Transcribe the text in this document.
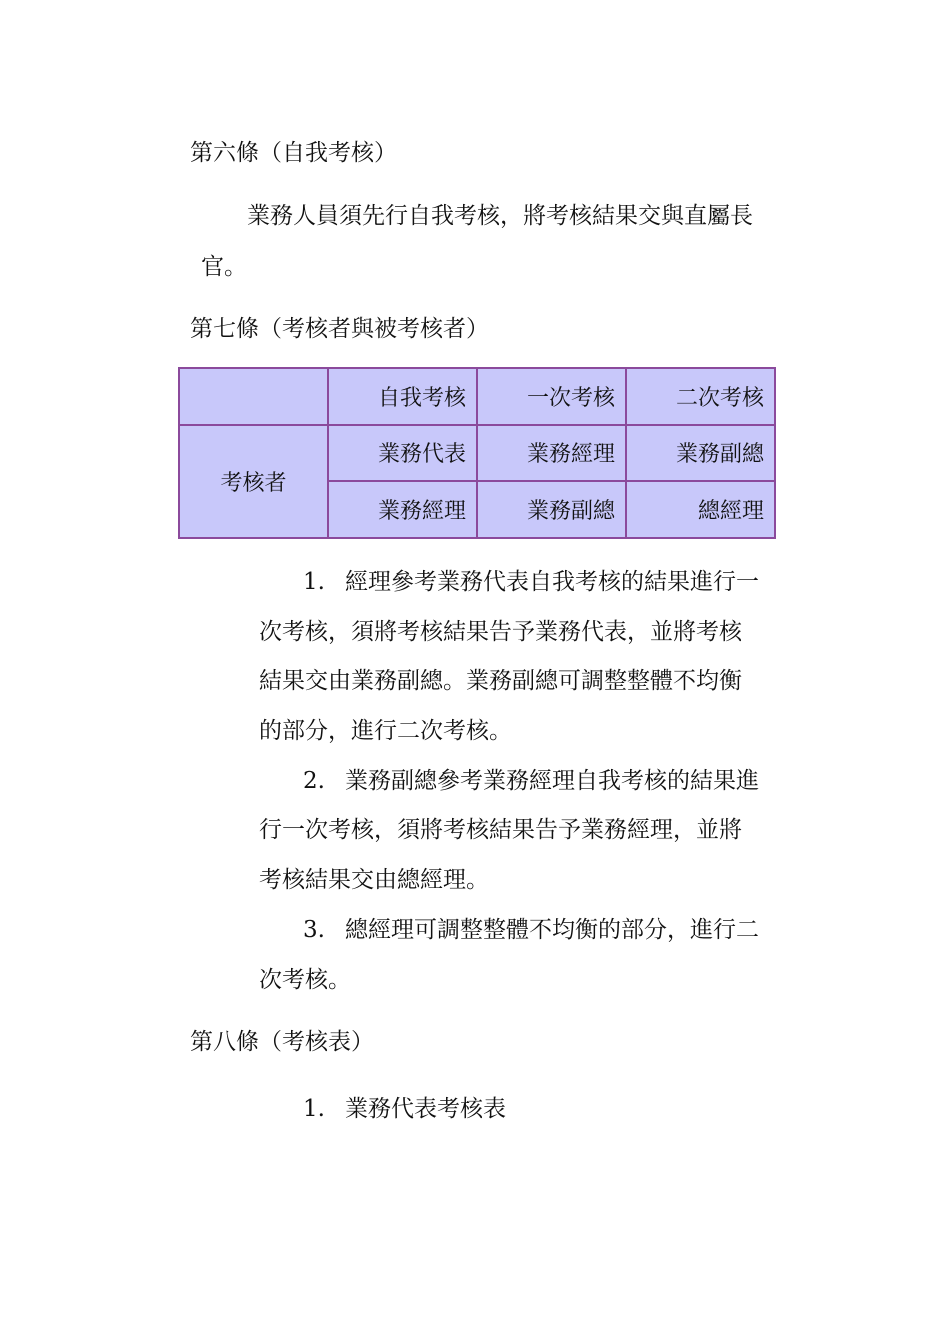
第六條（自我考核）
業務人員須先行自我考核，將考核結果交與直屬長
官。
第七條（考核者與被考核者）
	自我考核	一次考核	二次考核
考核者	業務代表	業務經理	業務副總
	業務經理	業務副總	總經理
1. 經理參考業務代表自我考核的結果進行一
次考核，須將考核結果告予業務代表，並將考核
結果交由業務副總。業務副總可調整整體不均衡
的部分，進行二次考核。
2. 業務副總參考業務經理自我考核的結果進
行一次考核，須將考核結果告予業務經理，並將
考核結果交由總經理。
3. 總經理可調整整體不均衡的部分，進行二
次考核。
第八條（考核表）
1. 業務代表考核表
